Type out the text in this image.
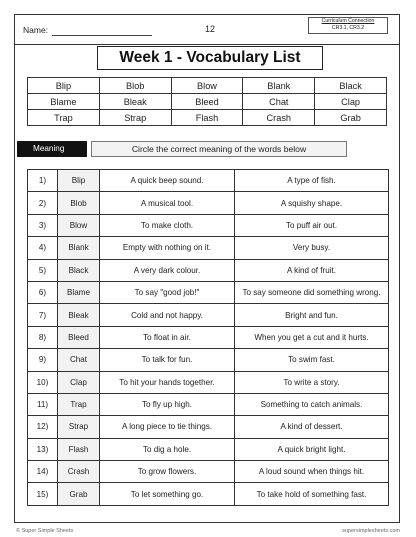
Name:	12
Curriculum Connection
CR3.1, CR3.2
Week 1 - Vocabulary List
Blip	Blob	Blow	Blank	Black
Blame	Bleak	Bleed	Chat	Clap
Trap	Strap	Flash	Crash	Grab
Meaning	Circle the correct meaning of the words below
1)	Blip	A quick beep sound.	A type of fish.
2)	Blob	A musical tool.	A squishy shape.
3)	Blow	To make cloth.	To puff air out.
4)	Blank	Empty with nothing on it.	Very busy.
5)	Black	A very dark colour.	A kind of fruit.
6)	Blame	To say "good job!"	To say someone did something wrong.
7)	Bleak	Cold and not happy.	Bright and fun.
8)	Bleed	To float in air.	When you get a cut and it hurts.
9)	Chat	To talk for fun.	To swim fast.
10)	Clap	To hit your hands together.	To write a story.
11)	Trap	To fly up high.	Something to catch animals.
12)	Strap	A long piece to tie things.	A kind of dessert.
13)	Flash	To dig a hole.	A quick bright light.
14)	Crash	To grow flowers.	A loud sound when things hit.
15)	Grab	To let something go.	To take hold of something fast.
© Super Simple Sheets	supersimplesheets.com
